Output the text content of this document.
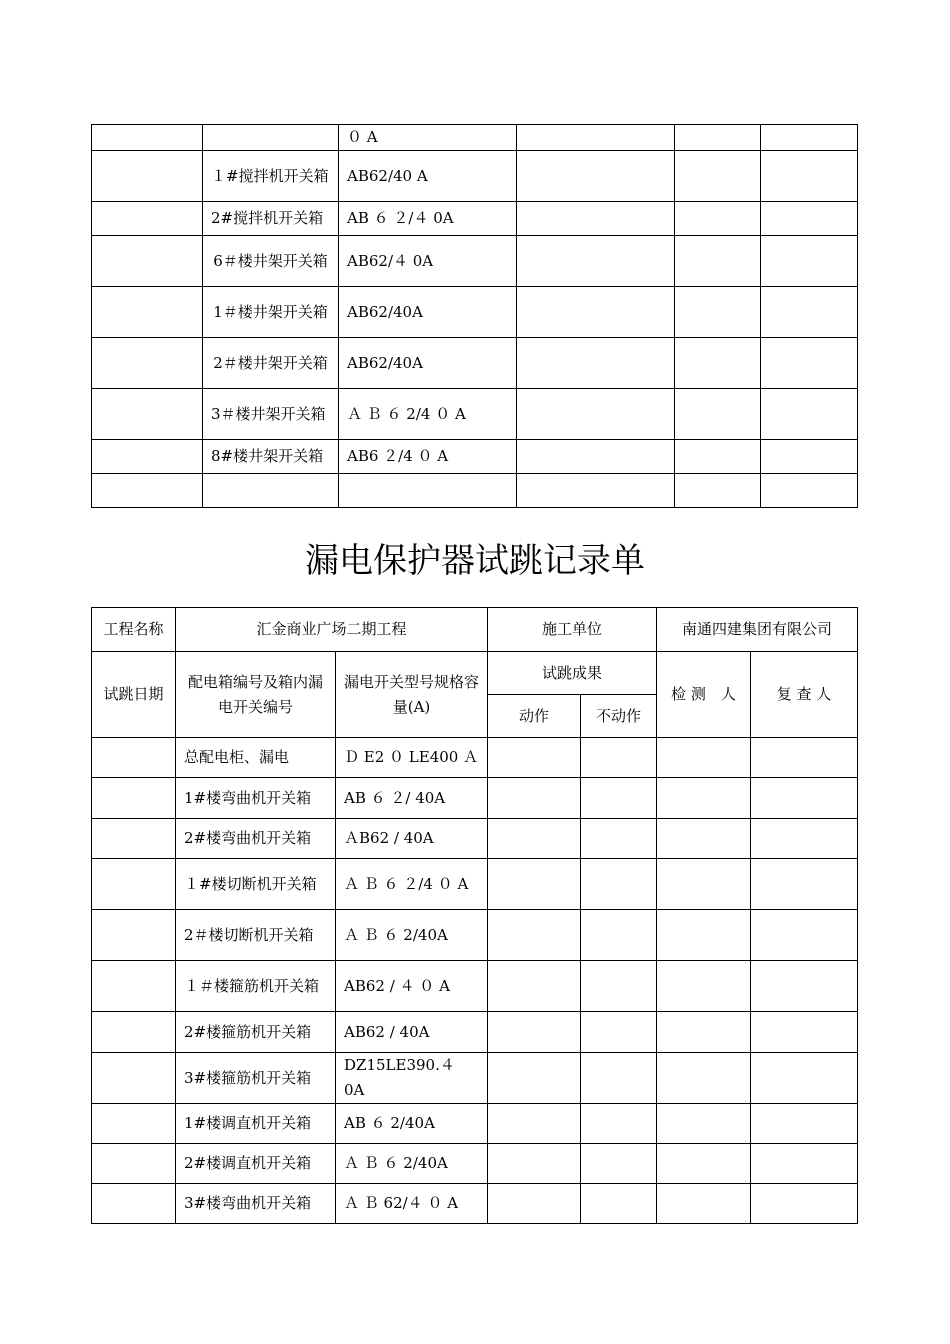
		０ A			
	１#搅拌机开关箱	AB62/40 A			
	2#搅拌机开关箱	AB ６ ２/４ 0A			
	6＃楼井架开关箱	AB62/４ 0A			
	1＃楼井架开关箱	AB62/40A			
	2＃楼井架开关箱	AB62/40A			
	3＃楼井架开关箱	Ａ Ｂ ６ 2/4 ０ A			
	8#楼井架开关箱	AB6 ２/4 ０ A			

漏电保护器试跳记录单
工程名称	汇金商业广场二期工程		施工单位		南通四建集团有限公司	
试跳日期	配电箱编号及箱内漏电开关编号	漏电开关型号规格容量(A)	试跳成果		检 测　人	复 查 人
			动作	不动作		
	总配电柜、漏电	Ｄ E2 ０ LE400 Ａ				
	1#楼弯曲机开关箱	AB ６ ２/ 40A				
	2#楼弯曲机开关箱	ＡB62 / 40A				
	１#楼切断机开关箱	Ａ Ｂ ６ ２/4 ０ A				
	2＃楼切断机开关箱	Ａ Ｂ ６ 2/40A				
	１＃楼箍筋机开关箱	AB62 / ４ ０ A				
	2#楼箍筋机开关箱	AB62 / 40A				
	3#楼箍筋机开关箱	DZ15LE390.４ 0A				
	1#楼调直机开关箱	AB ６ 2/40A				
	2#楼调直机开关箱	Ａ Ｂ ６ 2/40A				
	3#楼弯曲机开关箱	Ａ Ｂ 62/４ ０ A				
